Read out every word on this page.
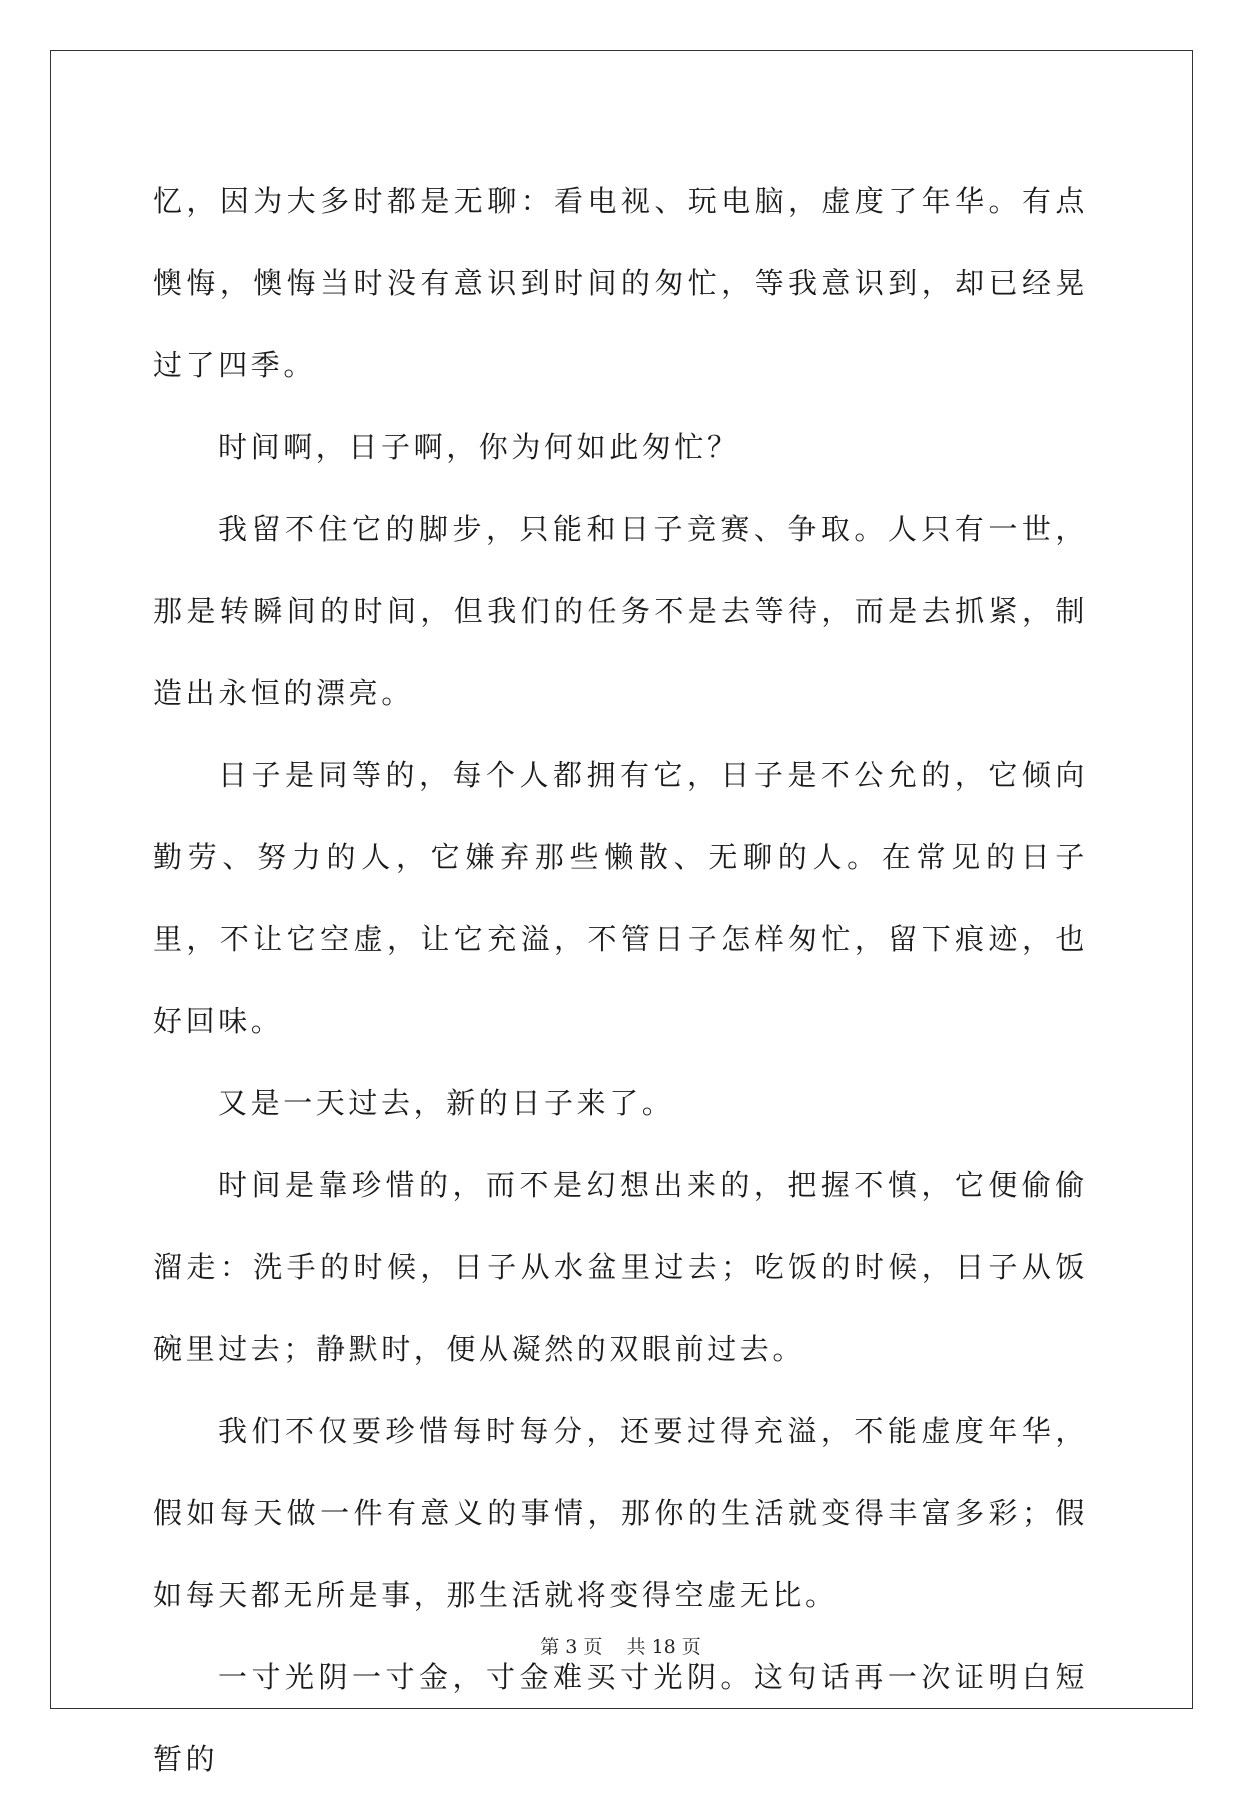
忆，因为大多时都是无聊：看电视、玩电脑，虚度了年华。有点懊悔，懊悔当时没有意识到时间的匆忙，等我意识到，却已经晃过了四季。

时间啊，日子啊，你为何如此匆忙？

我留不住它的脚步，只能和日子竞赛、争取。人只有一世，那是转瞬间的时间，但我们的任务不是去等待，而是去抓紧，制造出永恒的漂亮。

日子是同等的，每个人都拥有它，日子是不公允的，它倾向勤劳、努力的人，它嫌弃那些懒散、无聊的人。在常见的日子里，不让它空虚，让它充溢，不管日子怎样匆忙，留下痕迹，也好回味。

又是一天过去，新的日子来了。

时间是靠珍惜的，而不是幻想出来的，把握不慎，它便偷偷溜走：洗手的时候，日子从水盆里过去；吃饭的时候，日子从饭碗里过去；静默时，便从凝然的双眼前过去。

我们不仅要珍惜每时每分，还要过得充溢，不能虚度年华，假如每天做一件有意义的事情，那你的生活就变得丰富多彩；假如每天都无所是事，那生活就将变得空虚无比。

一寸光阴一寸金，寸金难买寸光阴。这句话再一次证明白短暂的

第 3 页    共 18 页
